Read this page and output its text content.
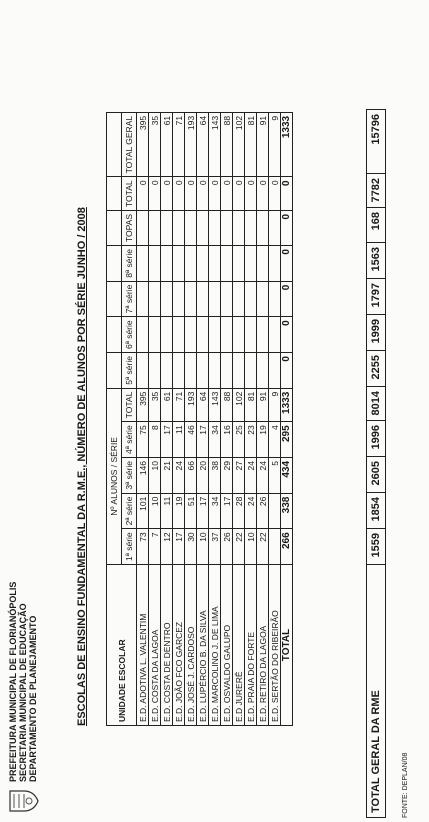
PREFEITURA MUNICIPAL DE FLORIANÓPOLIS SECRETARIA MUNICIPAL DE EDUCAÇÃO DEPARTAMENTO DE PLANEJAMENTO	ESCOLAS DE ENSINO FUNDAMENTAL DA R.M.E., NÚMERO DE ALUNOS POR SÉRIE JUNHO / 2008	UNIDADE ESCOLAR	Nº ALUNOS / SÉRIE											
	1ª série	2ª série	3ª série	4ª série	TOTAL	5ª série	6ª série	7ª série	8ª série	TOPAS	TOTAL	TOTAL GERAL
E.D. ADOTIVA L. VALENTIM	73	101	146	75	395						0	395
E.D. COSTA DA LAGOA	7	10	10	8	35						0	35
E.D. COSTA DE DENTRO	12	11	21	17	61						0	61
E.D. JOÃO FCO GARCEZ	17	19	24	11	71						0	71
E.D. JOSÉ J. CARDOSO	30	51	66	46	193						0	193
E.D. LUPÉRCIO B. DA SILVA	10	17	20	17	64						0	64
E.D. MARCOLINO J. DE LIMA	37	34	38	34	143						0	143
E.D. OSVALDO GALUPO	26	17	29	16	88						0	88
E.D JURERÊ	22	28	27	25	102						0	102
E.D. PRAIA DO FORTE	10	24	24	23	81						0	81
E.D. RETIRO DA LAGOA	22	26	24	19	91						0	91
E.D. SERTÃO DO RIBEIRÃO			5	4	9						0	9
TOTAL	266	338	434	295	1333	0	0	0	0	0	0	1333
TOTAL GERAL DA RME	1559	1854	2605	1996	8014	2255	1999	1797	1563	168	7782	15796
FONTE: DEPLAN/08
